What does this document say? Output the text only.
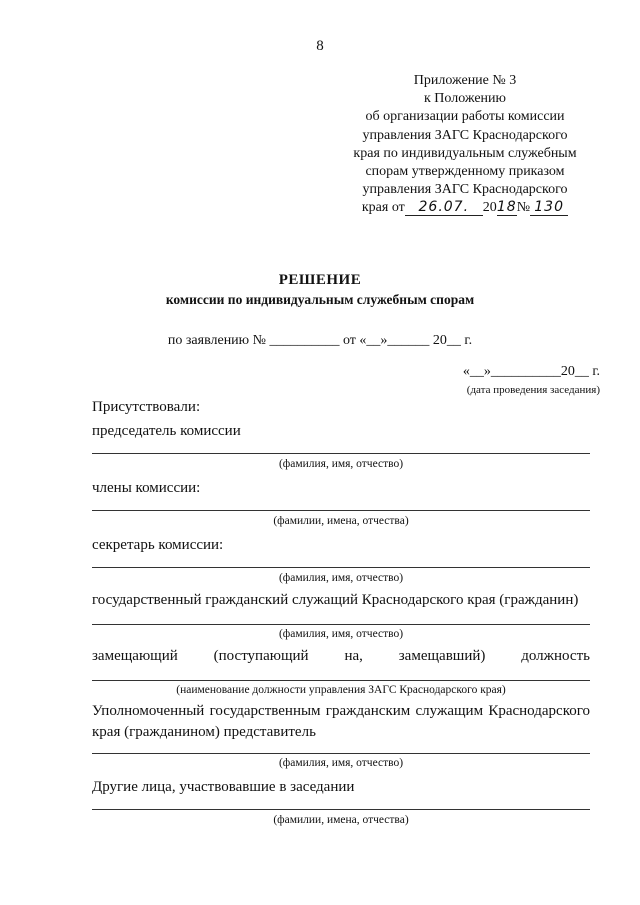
8
Приложение № 3
к Положению
об организации работы комиссии
управления ЗАГС Краснодарского
края по индивидуальным служебным
спорам утвержденному приказом
управления ЗАГС Краснодарского
края от 26.07. 2018№ 130
РЕШЕНИЕ
комиссии по индивидуальным служебным спорам
по заявлению № __________ от «__»______ 20__ г.
«__»__________20__ г.
(дата проведения заседания)
Присутствовали:
председатель комиссии
(фамилия, имя, отчество)
члены комиссии:
(фамилии, имена, отчества)
секретарь комиссии:
(фамилия, имя, отчество)
государственный гражданский служащий Краснодарского края (гражданин)
(фамилия, имя, отчество)
замещающий (поступающий на, замещавший) должность
(наименование должности управления ЗАГС Краснодарского края)
Уполномоченный государственным гражданским служащим Краснодарского края (гражданином) представитель
(фамилия, имя, отчество)
Другие лица, участвовавшие в заседании
(фамилии, имена, отчества)
